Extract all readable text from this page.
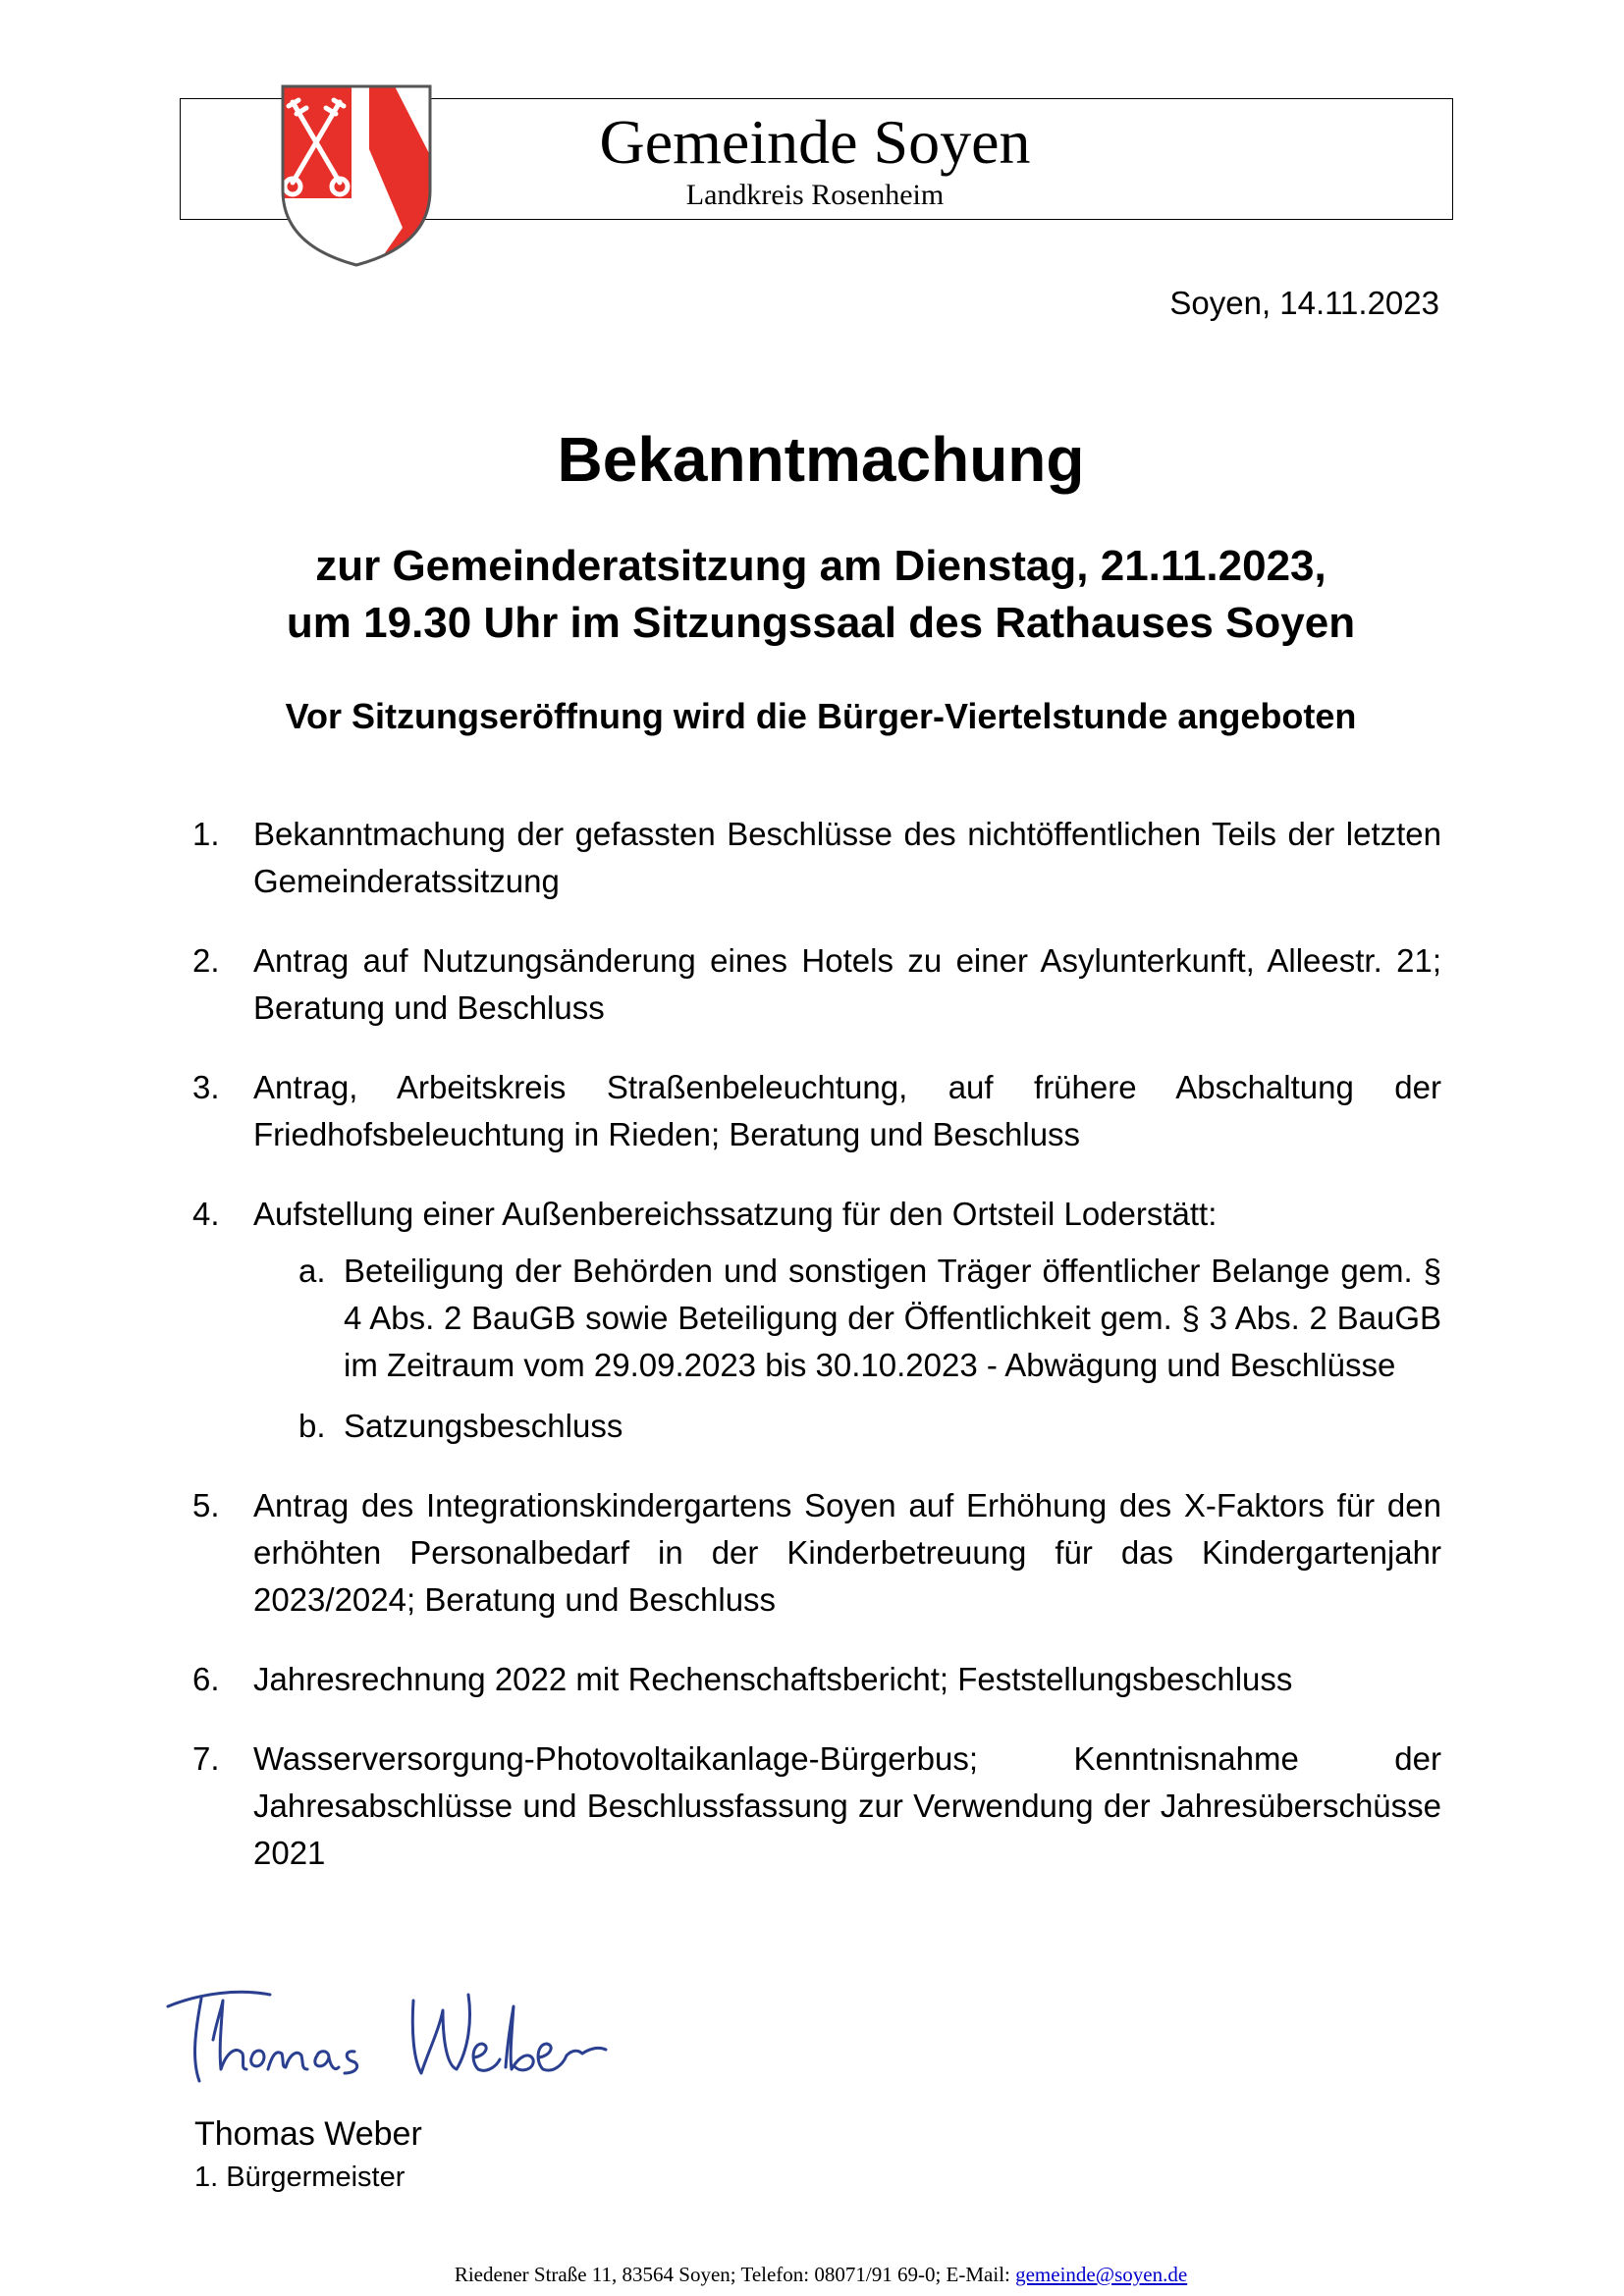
Gemeinde Soyen
Landkreis Rosenheim
Soyen, 14.11.2023
Bekanntmachung
zur Gemeinderatsitzung am Dienstag, 21.11.2023,
um 19.30 Uhr im Sitzungssaal des Rathauses Soyen
Vor Sitzungseröffnung wird die Bürger-Viertelstunde angeboten
1. Bekanntmachung der gefassten Beschlüsse des nichtöffentlichen Teils der letzten Gemeinderatssitzung
2. Antrag auf Nutzungsänderung eines Hotels zu einer Asylunterkunft, Alleestr. 21; Beratung und Beschluss
3. Antrag, Arbeitskreis Straßenbeleuchtung, auf frühere Abschaltung der Friedhofsbeleuchtung in Rieden; Beratung und Beschluss
4. Aufstellung einer Außenbereichssatzung für den Ortsteil Loderstätt:
a. Beteiligung der Behörden und sonstigen Träger öffentlicher Belange gem. § 4 Abs. 2 BauGB sowie Beteiligung der Öffentlichkeit gem. § 3 Abs. 2 BauGB im Zeitraum vom 29.09.2023 bis 30.10.2023 - Abwägung und Beschlüsse
b. Satzungsbeschluss
5. Antrag des Integrationskindergartens Soyen auf Erhöhung des X-Faktors für den erhöhten Personalbedarf in der Kinderbetreuung für das Kindergartenjahr 2023/2024; Beratung und Beschluss
6. Jahresrechnung 2022 mit Rechenschaftsbericht; Feststellungsbeschluss
7. Wasserversorgung-Photovoltaikanlage-Bürgerbus; Kenntnisnahme der Jahresabschlüsse und Beschlussfassung zur Verwendung der Jahresüberschüsse 2021
Thomas Weber
1. Bürgermeister
Riedener Straße 11, 83564 Soyen; Telefon: 08071/91 69-0; E-Mail: gemeinde@soyen.de
